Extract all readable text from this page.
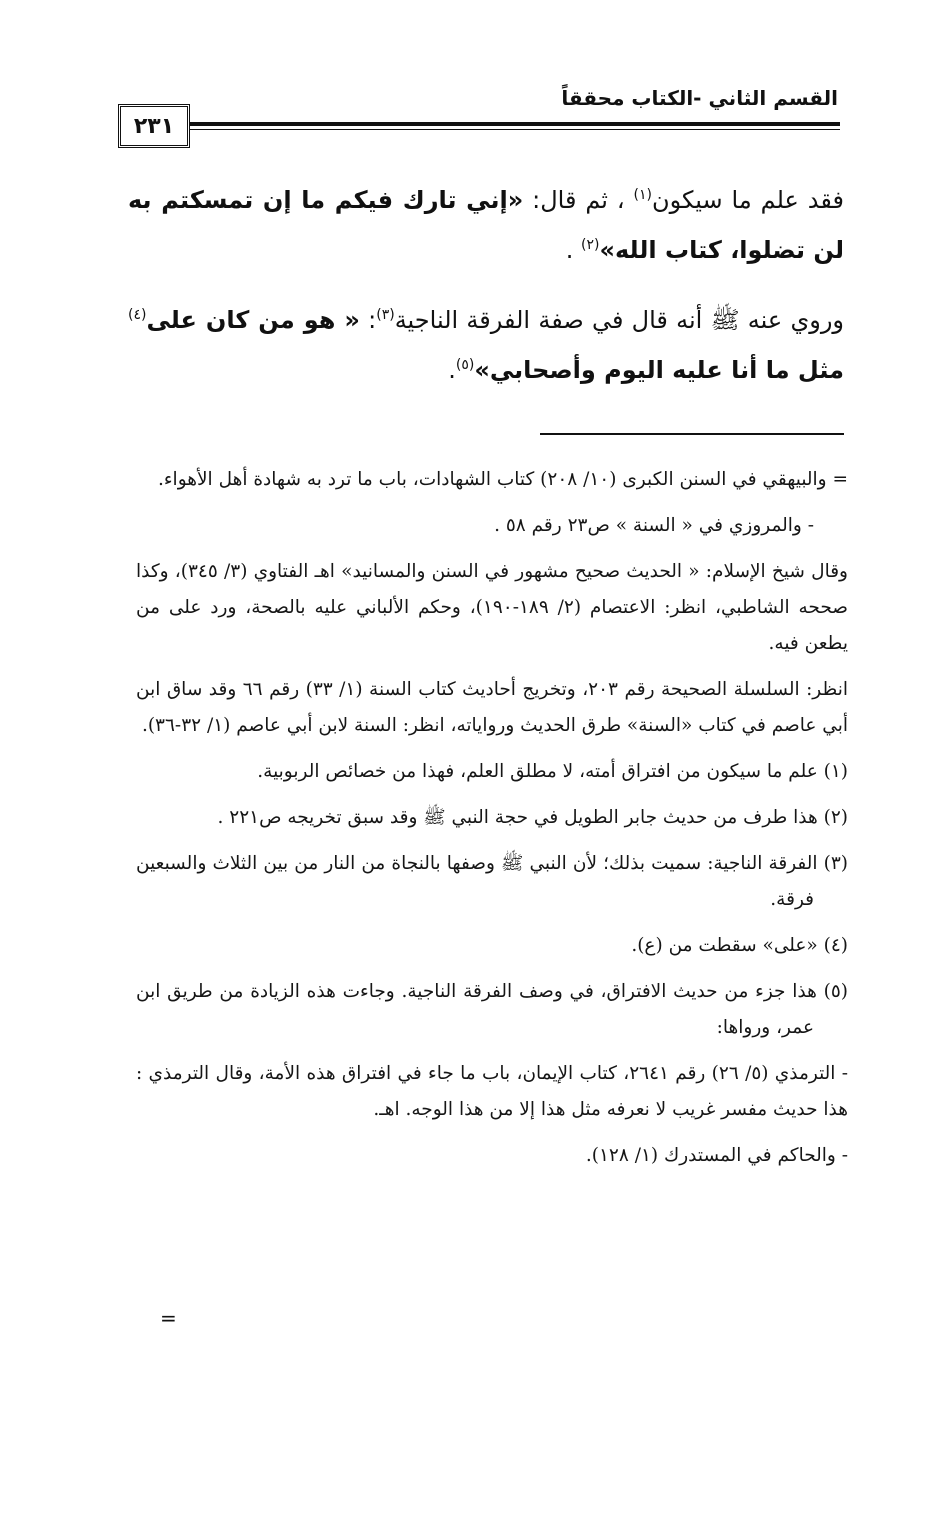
القسم الثاني -الكتاب محققاً
٢٣١

فقد علم ما سيكون$^{(١)}$ ، ثم قال: «إني تارك فيكم ما إن تمسكتم به لن تضلوا، كتاب الله»$^{(٢)}$ .

وروي عنه ﷺ أنه قال في صفة الفرقة الناجية$^{(٣)}$: « هو من كان على$^{(٤)}$ مثل ما أنا عليه اليوم وأصحابي»$^{(٥)}$.

= والبيهقي في السنن الكبرى (١٠/ ٢٠٨) كتاب الشهادات، باب ما ترد به شهادة أهل الأهواء.
- والمروزي في « السنة » ص٢٣ رقم ٥٨ .
وقال شيخ الإسلام: « الحديث صحيح مشهور في السنن والمسانيد» اهـ الفتاوي (٣/ ٣٤٥)، وكذا صححه الشاطبي، انظر: الاعتصام (٢/ ١٨٩-١٩٠)، وحكم الألباني عليه بالصحة، ورد على من يطعن فيه.
انظر: السلسلة الصحيحة رقم ٢٠٣، وتخريج أحاديث كتاب السنة (١/ ٣٣) رقم ٦٦ وقد ساق ابن أبي عاصم في كتاب «السنة» طرق الحديث ورواياته، انظر: السنة لابن أبي عاصم (١/ ٣٢-٣٦).
(١) علم ما سيكون من افتراق أمته، لا مطلق العلم، فهذا من خصائص الربوبية.
(٢) هذا طرف من حديث جابر الطويل في حجة النبي ﷺ وقد سبق تخريجه ص٢٢١ .
(٣) الفرقة الناجية: سميت بذلك؛ لأن النبي ﷺ وصفها بالنجاة من النار من بين الثلاث والسبعين فرقة.
(٤) «على» سقطت من (ع).
(٥) هذا جزء من حديث الافتراق، في وصف الفرقة الناجية. وجاءت هذه الزيادة من طريق ابن عمر، ورواها:
- الترمذي (٥/ ٢٦) رقم ٢٦٤١، كتاب الإيمان، باب ما جاء في افتراق هذه الأمة، وقال الترمذي : هذا حديث مفسر غريب لا نعرفه مثل هذا إلا من هذا الوجه. اهـ.
- والحاكم في المستدرك (١/ ١٢٨).
=
